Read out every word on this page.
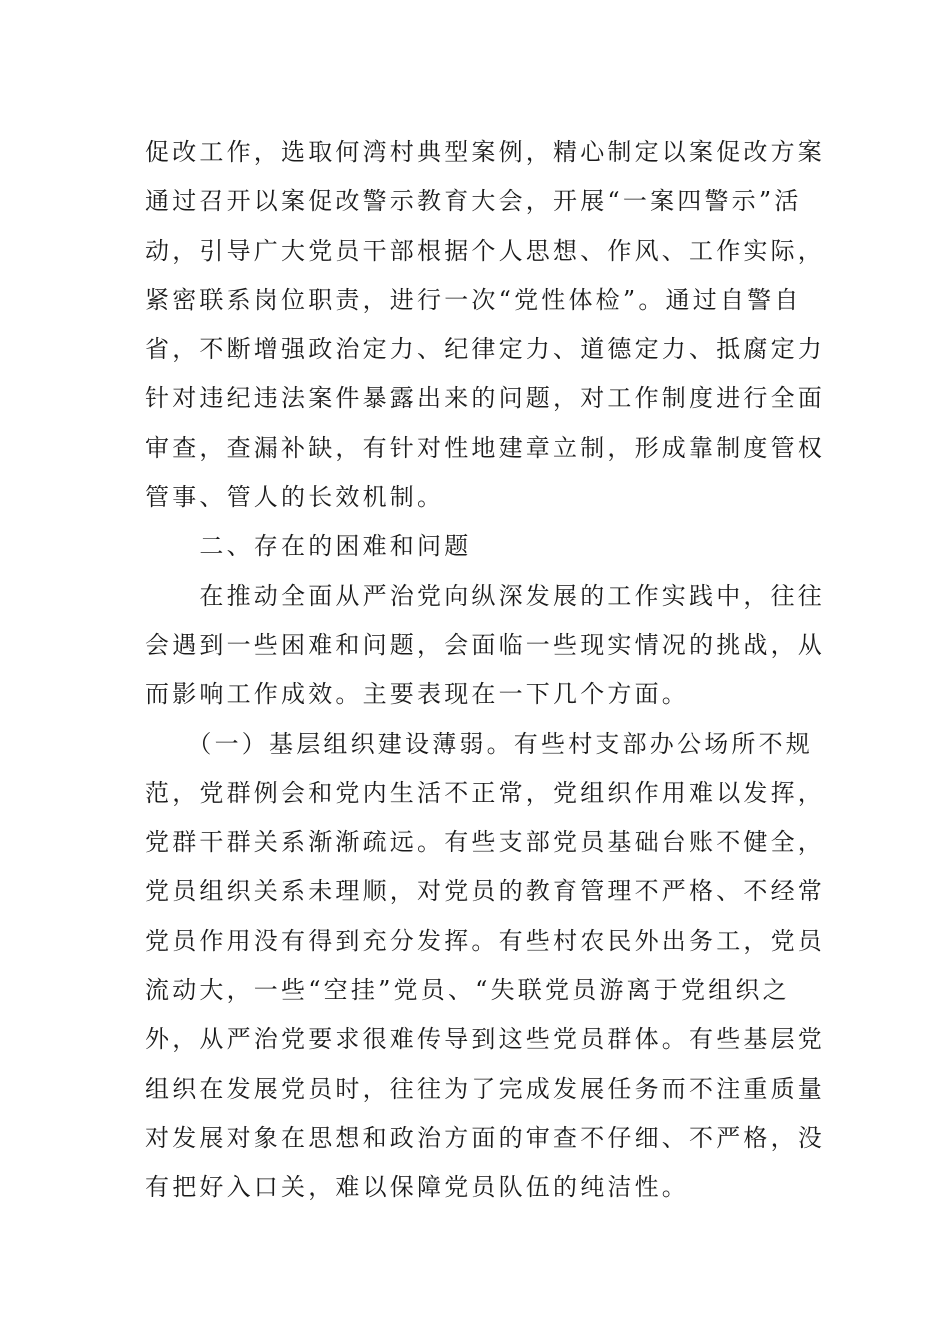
促改工作，选取何湾村典型案例，精心制定以案促改方案
通过召开以案促改警示教育大会，开展“一案四警示”活
动，引导广大党员干部根据个人思想、作风、工作实际，
紧密联系岗位职责，进行一次“党性体检”。通过自警自
省，不断增强政治定力、纪律定力、道德定力、抵腐定力
针对违纪违法案件暴露出来的问题，对工作制度进行全面
审查，查漏补缺，有针对性地建章立制，形成靠制度管权
管事、管人的长效机制。
　　二、存在的困难和问题
　　在推动全面从严治党向纵深发展的工作实践中，往往
会遇到一些困难和问题，会面临一些现实情况的挑战，从
而影响工作成效。主要表现在一下几个方面。
　　（一）基层组织建设薄弱。有些村支部办公场所不规
范，党群例会和党内生活不正常，党组织作用难以发挥，
党群干群关系渐渐疏远。有些支部党员基础台账不健全，
党员组织关系未理顺，对党员的教育管理不严格、不经常
党员作用没有得到充分发挥。有些村农民外出务工，党员
流动大，一些“空挂”党员、“失联党员游离于党组织之
外，从严治党要求很难传导到这些党员群体。有些基层党
组织在发展党员时，往往为了完成发展任务而不注重质量
对发展对象在思想和政治方面的审查不仔细、不严格，没
有把好入口关，难以保障党员队伍的纯洁性。
